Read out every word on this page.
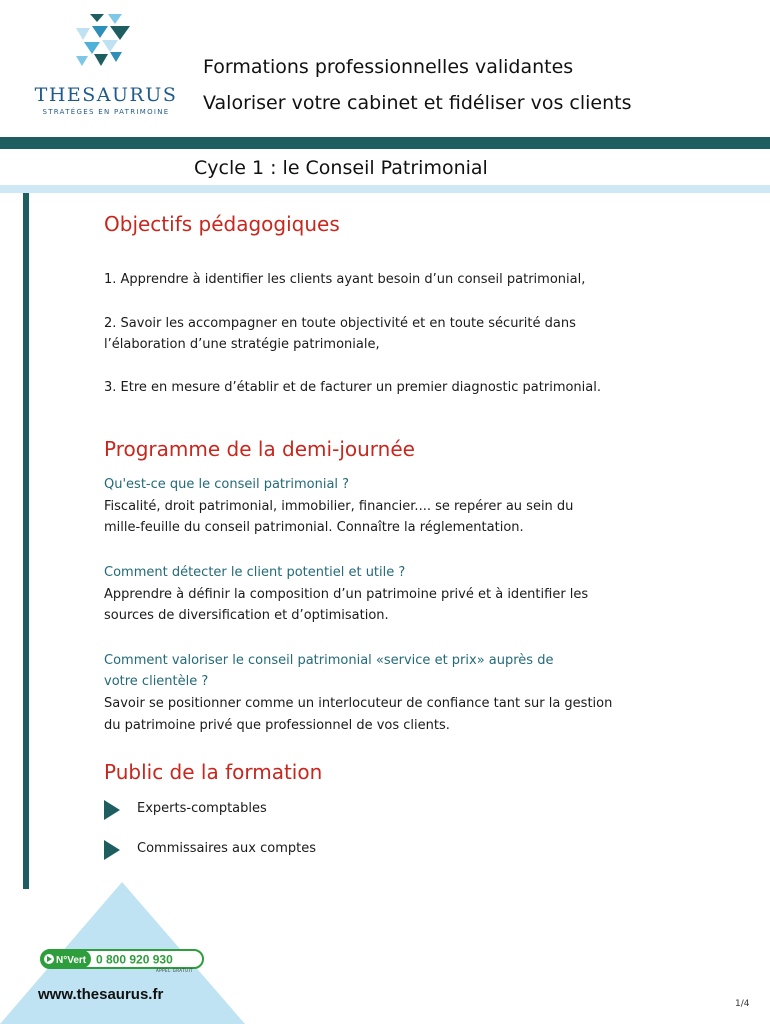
THESAURUS
STRATÉGES EN PATRIMOINE
Formations professionnelles validantes
Valoriser votre cabinet et fidéliser vos clients
Cycle 1 : le Conseil Patrimonial
Objectifs pédagogiques
1. Apprendre à identifier les clients ayant besoin d’un conseil patrimonial,
2. Savoir les accompagner en toute objectivité et en toute sécurité dans
l’élaboration d’une stratégie patrimoniale,
3. Etre en mesure d’établir et de facturer un premier diagnostic patrimonial.
Programme de la demi-journée
Qu'est-ce que le conseil patrimonial ?
Fiscalité, droit patrimonial, immobilier, financier.... se repérer au sein du
mille-feuille du conseil patrimonial. Connaître la réglementation.
Comment détecter le client potentiel et utile ?
Apprendre à définir la composition d’un patrimoine privé et à identifier les
sources de diversification et d’optimisation.
Comment valoriser le conseil patrimonial «service et prix» auprès de
votre clientèle ?
Savoir se positionner comme un interlocuteur de confiance tant sur la gestion
du patrimoine privé que professionnel de vos clients.
Public de la formation
Experts-comptables
Commissaires aux comptes
N°Vert 0 800 920 930
APPEL GRATUIT
www.thesaurus.fr
1/4
